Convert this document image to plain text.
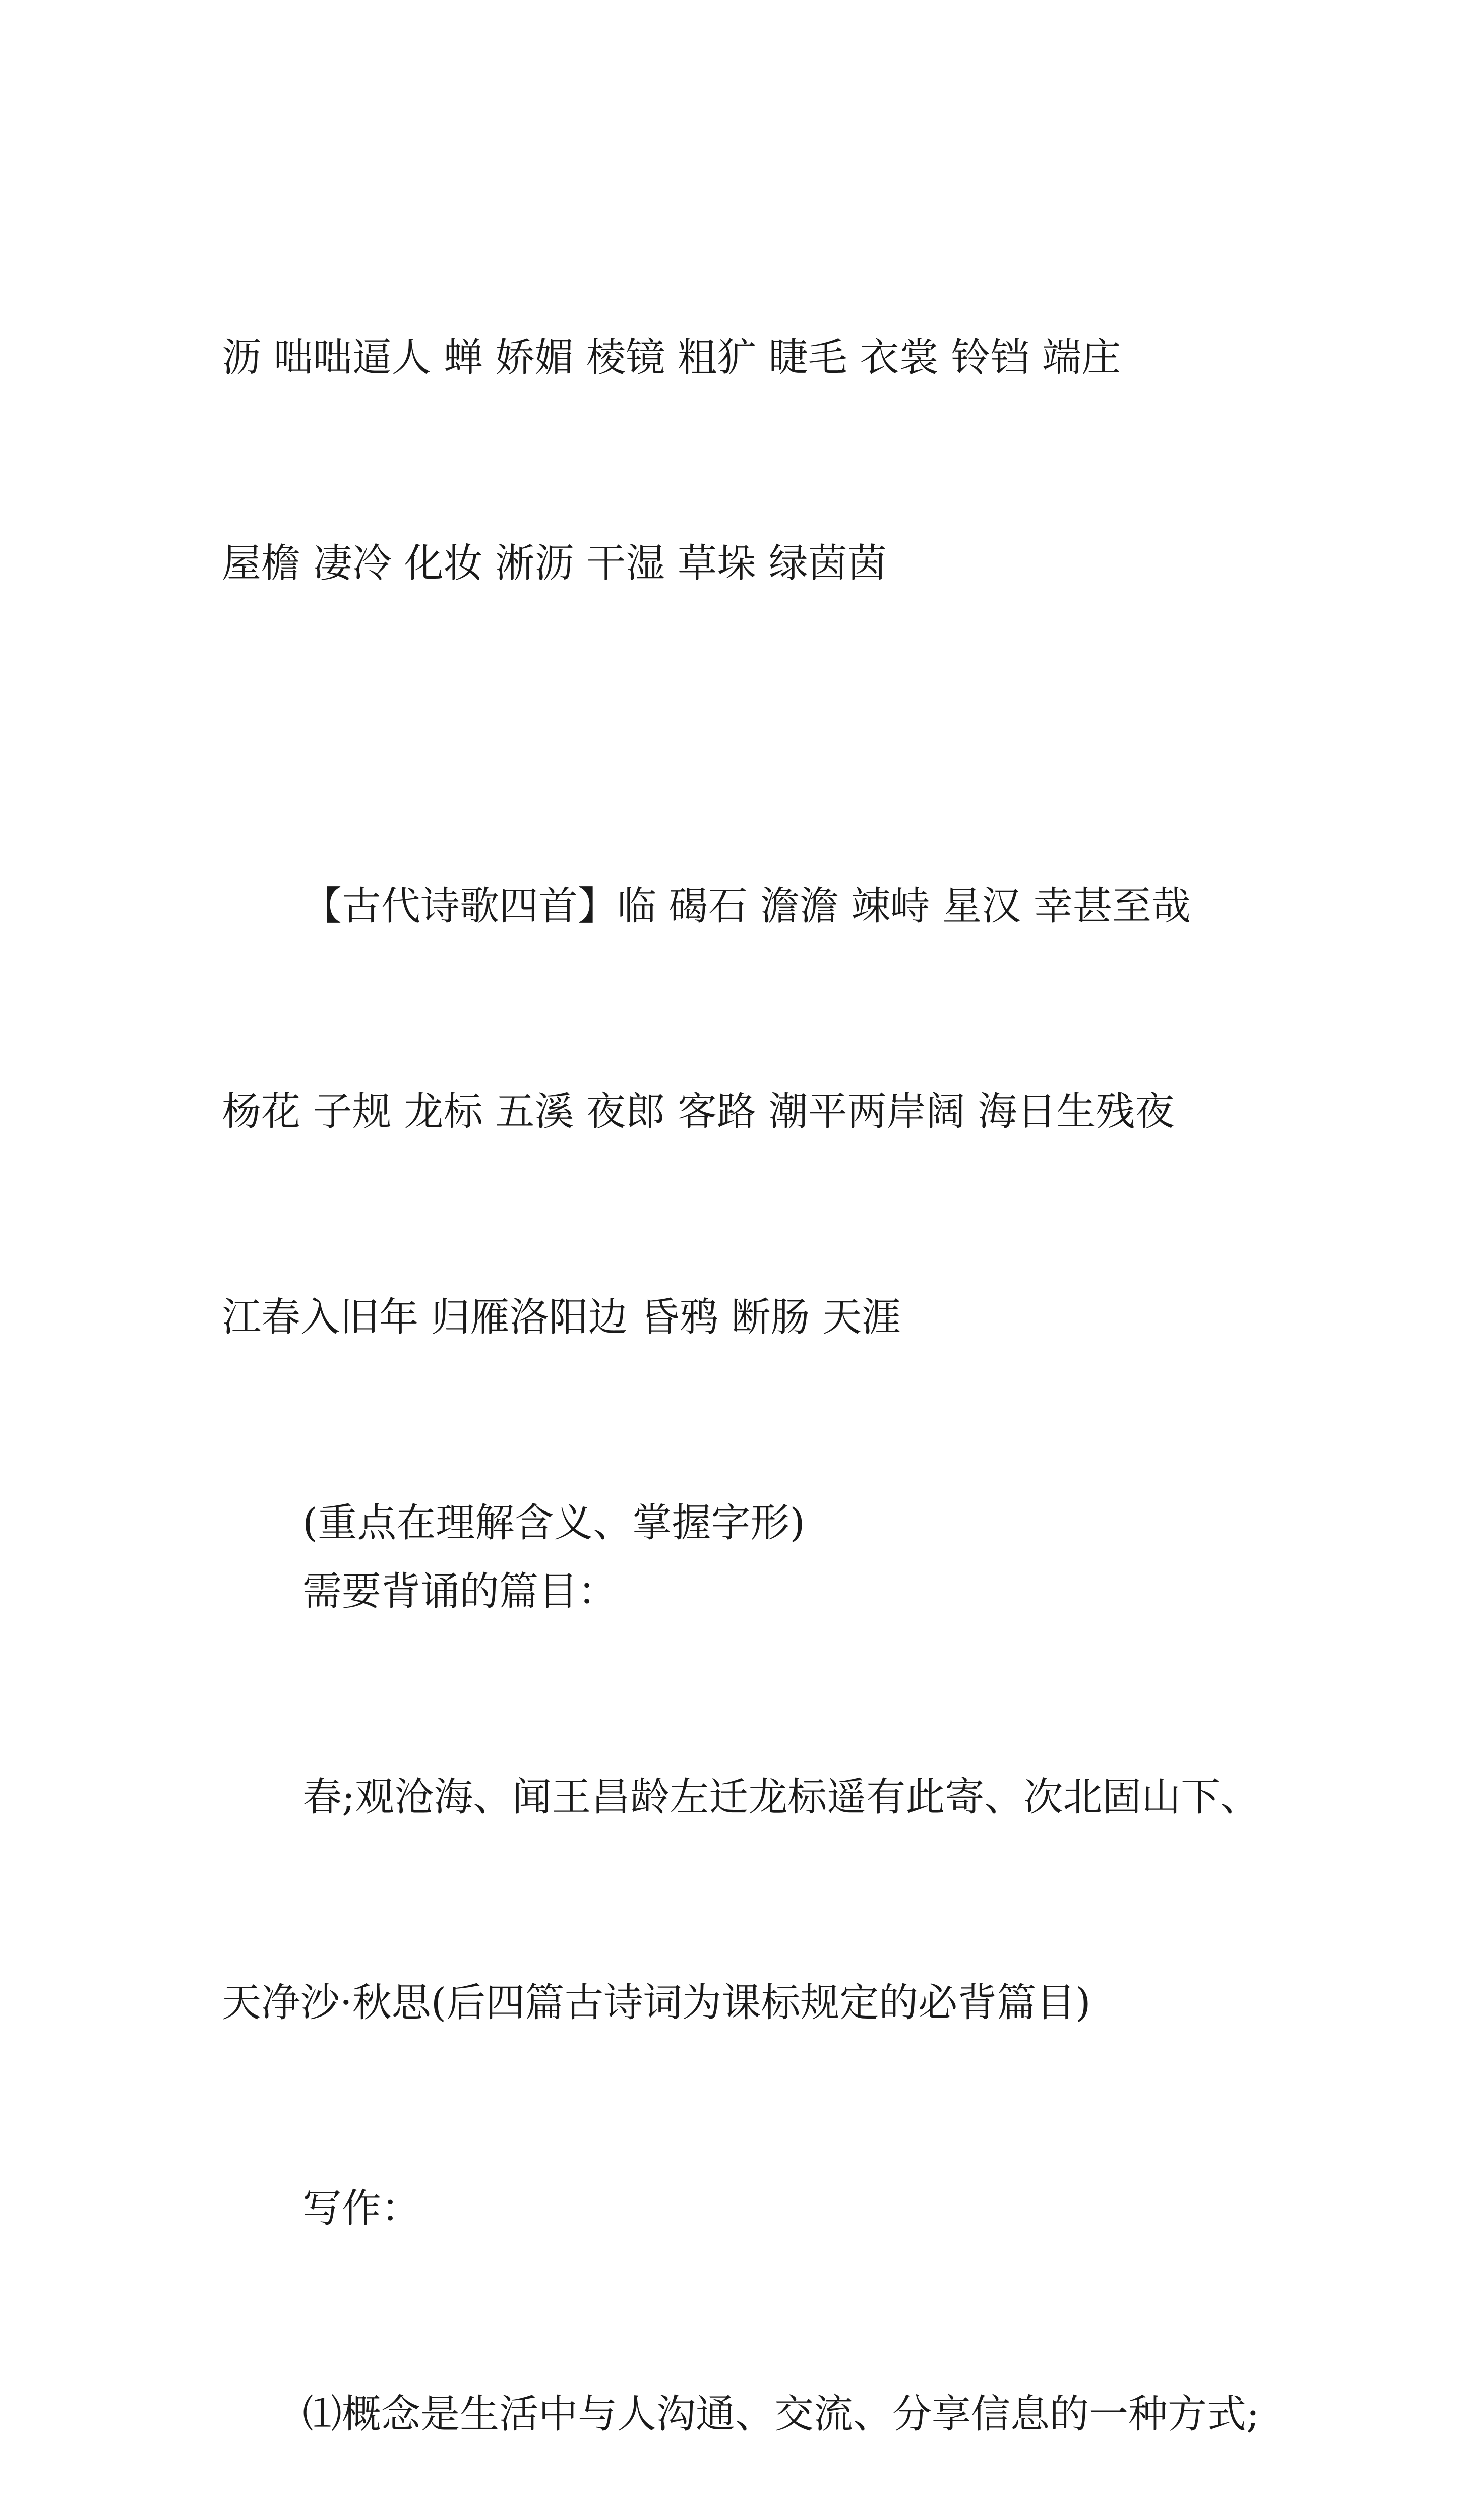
沥 咄咄逼人 蝉 娇媚 棱镜 粗犷 睫毛 衣裳 铃铛 端庄

屋檐 凄冷 化妆 淅沥 干湿 草垛 绿茵茵

【古代诗歌四首】临 碣石 澹澹 竦峙 星汉 幸甚至哉

杨花 子规 龙标 五溪 夜郎 客路 潮平两岸阔 海日生残夜

江春入旧年 归雁洛阳边 昏鸦 断肠 天涯

(重点在理解含义、掌握字形)
需要背诵的篇目：

春;观沧海、闻王昌龄左迁龙标遥有此寄、次北固山下、

天净沙·秋思(后四篇古诗词为课标规定的必背篇目)

写作：

⑴概念是生活中与人沟通、交流、分享信息的一种方式;
